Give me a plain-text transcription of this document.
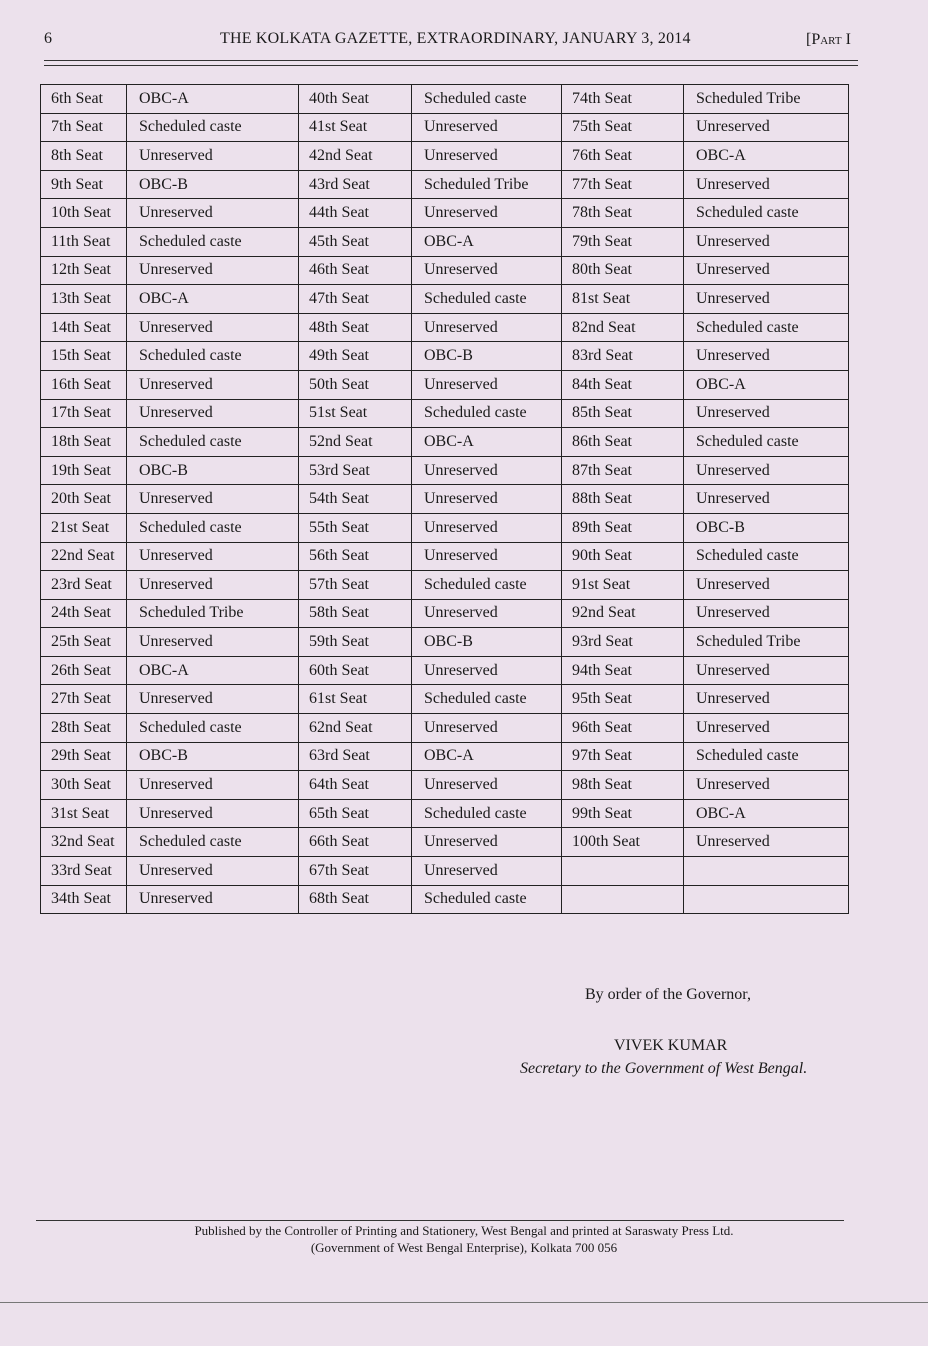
6	THE KOLKATA GAZETTE, EXTRAORDINARY, JANUARY 3, 2014	[Part I
6th Seat	OBC-A	40th Seat	Scheduled caste	74th Seat	Scheduled Tribe
7th Seat	Scheduled caste	41st Seat	Unreserved	75th Seat	Unreserved
8th Seat	Unreserved	42nd Seat	Unreserved	76th Seat	OBC-A
9th Seat	OBC-B	43rd Seat	Scheduled Tribe	77th Seat	Unreserved
10th Seat	Unreserved	44th Seat	Unreserved	78th Seat	Scheduled caste
11th Seat	Scheduled caste	45th Seat	OBC-A	79th Seat	Unreserved
12th Seat	Unreserved	46th Seat	Unreserved	80th Seat	Unreserved
13th Seat	OBC-A	47th Seat	Scheduled caste	81st Seat	Unreserved
14th Seat	Unreserved	48th Seat	Unreserved	82nd Seat	Scheduled caste
15th Seat	Scheduled caste	49th Seat	OBC-B	83rd Seat	Unreserved
16th Seat	Unreserved	50th Seat	Unreserved	84th Seat	OBC-A
17th Seat	Unreserved	51st Seat	Scheduled caste	85th Seat	Unreserved
18th Seat	Scheduled caste	52nd Seat	OBC-A	86th Seat	Scheduled caste
19th Seat	OBC-B	53rd Seat	Unreserved	87th Seat	Unreserved
20th Seat	Unreserved	54th Seat	Unreserved	88th Seat	Unreserved
21st Seat	Scheduled caste	55th Seat	Unreserved	89th Seat	OBC-B
22nd Seat	Unreserved	56th Seat	Unreserved	90th Seat	Scheduled caste
23rd Seat	Unreserved	57th Seat	Scheduled caste	91st Seat	Unreserved
24th Seat	Scheduled Tribe	58th Seat	Unreserved	92nd Seat	Unreserved
25th Seat	Unreserved	59th Seat	OBC-B	93rd Seat	Scheduled Tribe
26th Seat	OBC-A	60th Seat	Unreserved	94th Seat	Unreserved
27th Seat	Unreserved	61st Seat	Scheduled caste	95th Seat	Unreserved
28th Seat	Scheduled caste	62nd Seat	Unreserved	96th Seat	Unreserved
29th Seat	OBC-B	63rd Seat	OBC-A	97th Seat	Scheduled caste
30th Seat	Unreserved	64th Seat	Unreserved	98th Seat	Unreserved
31st Seat	Unreserved	65th Seat	Scheduled caste	99th Seat	OBC-A
32nd Seat	Scheduled caste	66th Seat	Unreserved	100th Seat	Unreserved
33rd Seat	Unreserved	67th Seat	Unreserved		
34th Seat	Unreserved	68th Seat	Scheduled caste		
By order of the Governor,
VIVEK KUMAR
Secretary to the Government of West Bengal.
Published by the Controller of Printing and Stationery, West Bengal and printed at Saraswaty Press Ltd.
(Government of West Bengal Enterprise), Kolkata 700 056
